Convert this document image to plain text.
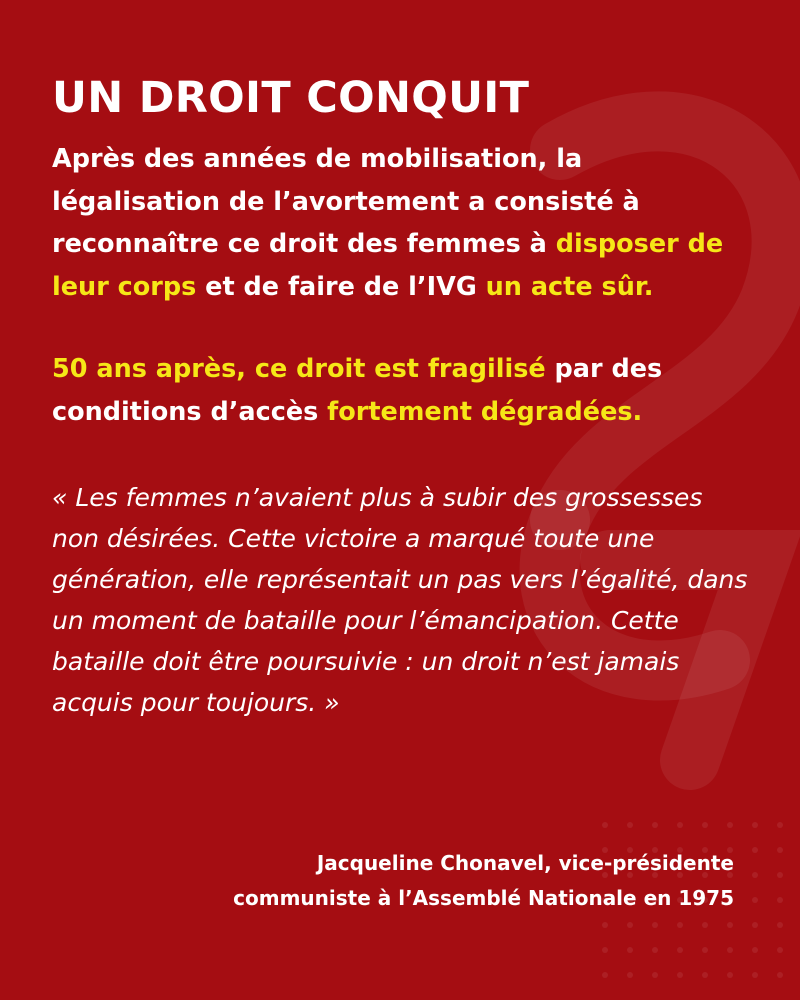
UN DROIT CONQUIT

Après des années de mobilisation, la légalisation de l’avortement a consisté à reconnaître ce droit des femmes à disposer de leur corps et de faire de l’IVG un acte sûr.

50 ans après, ce droit est fragilisé par des conditions d’accès fortement dégradées.

« Les femmes n’avaient plus à subir des grossesses non désirées. Cette victoire a marqué toute une génération, elle représentait un pas vers l’égalité, dans un moment de bataille pour l’émancipation. Cette bataille doit être poursuivie : un droit n’est jamais acquis pour toujours. »

Jacqueline Chonavel, vice-présidente
communiste à l’Assemblé Nationale en 1975
